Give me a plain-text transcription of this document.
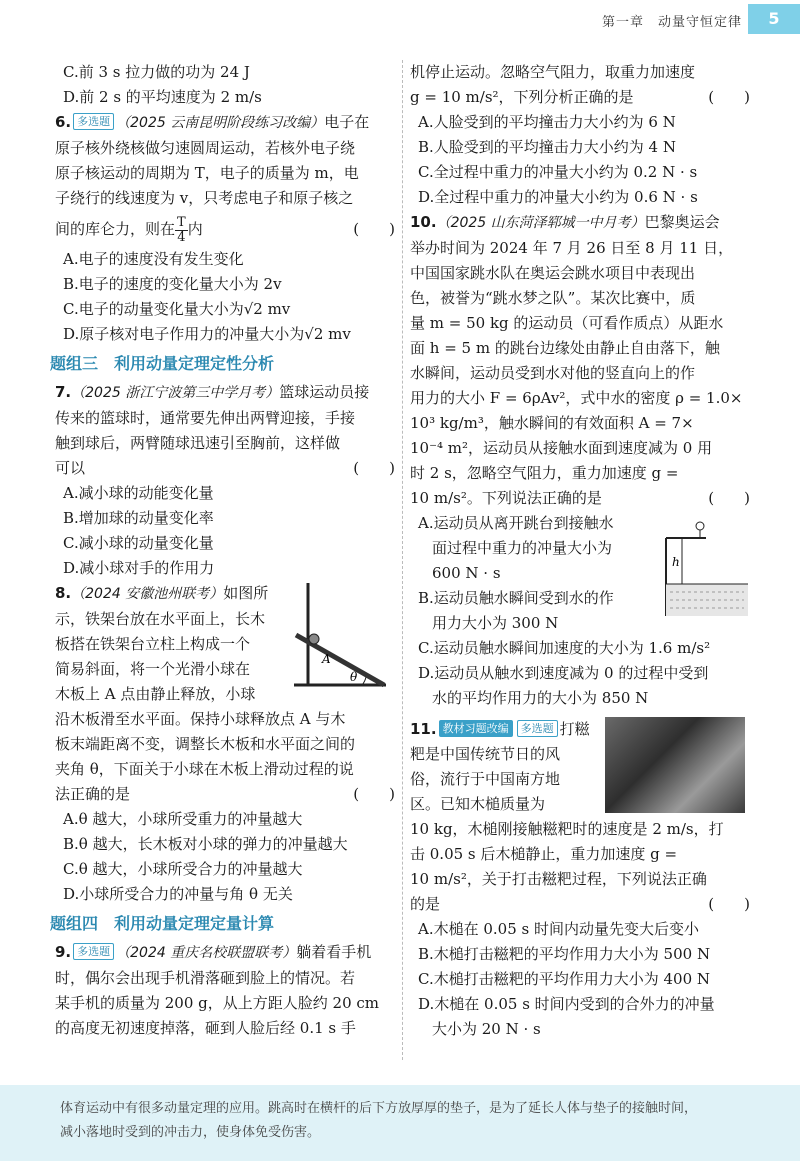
第一章　动量守恒定律	5
C.前 3 s 拉力做的功为 24 J
D.前 2 s 的平均速度为 2 m/s
6. 多选题 （2025 云南昆明阶段练习改编）电子在
原子核外绕核做匀速圆周运动，若核外电子绕
原子核运动的周期为 T，电子的质量为 m，电
子绕行的线速度为 v，只考虑电子和原子核之
间的库仑力，则在 $\frac{T}{4}$ 内	(　　)
A.电子的速度没有发生变化
B.电子的速度的变化量大小为 2v
C.电子的动量变化量大小为√2 mv
D.原子核对电子作用力的冲量大小为√2 mv
题组三　利用动量定理定性分析
7.（2025 浙江宁波第三中学月考）篮球运动员接
传来的篮球时，通常要先伸出两臂迎接，手接
触到球后，两臂随球迅速引至胸前，这样做
可以	(　　)
A.减小球的动能变化量
B.增加球的动量变化率
C.减小球的动量变化量
D.减小球对手的作用力
A
θ
8.（2024 安徽池州联考）如图所
示，铁架台放在水平面上，长木
板搭在铁架台立柱上构成一个
简易斜面，将一个光滑小球在
木板上 A 点由静止释放，小球
沿木板滑至水平面。保持小球释放点 A 与木
板末端距离不变，调整长木板和水平面之间的
夹角 θ，下面关于小球在木板上滑动过程的说
法正确的是	(　　)
A.θ 越大，小球所受重力的冲量越大
B.θ 越大，长木板对小球的弹力的冲量越大
C.θ 越大，小球所受合力的冲量越大
D.小球所受合力的冲量与角 θ 无关
题组四　利用动量定理定量计算
9. 多选题 （2024 重庆名校联盟联考）躺着看手机
时，偶尔会出现手机滑落砸到脸上的情况。若
某手机的质量为 200 g，从上方距人脸约 20 cm
的高度无初速度掉落，砸到人脸后经 0.1 s 手
机停止运动。忽略空气阻力，取重力加速度
g = 10 m/s²，下列分析正确的是	(　　)
A.人脸受到的平均撞击力大小约为 6 N
B.人脸受到的平均撞击力大小约为 4 N
C.全过程中重力的冲量大小约为 0.2 N · s
D.全过程中重力的冲量大小约为 0.6 N · s
10.（2025 山东菏泽郓城一中月考）巴黎奥运会
举办时间为 2024 年 7 月 26 日至 8 月 11 日，
中国国家跳水队在奥运会跳水项目中表现出
色，被誉为“跳水梦之队”。某次比赛中，质
量 m = 50 kg 的运动员（可看作质点）从距水
面 h = 5 m 的跳台边缘处由静止自由落下，触
水瞬间，运动员受到水对他的竖直向上的作
用力的大小 F = 6ρAv²，式中水的密度 ρ = 1.0×
10³ kg/m³，触水瞬间的有效面积 A = 7×
10⁻⁴ m²，运动员从接触水面到速度减为 0 用
时 2 s，忽略空气阻力，重力加速度 g =
10 m/s²。下列说法正确的是	(　　)
h
A.运动员从离开跳台到接触水
面过程中重力的冲量大小为
600 N · s
B.运动员触水瞬间受到水的作
用力大小为 300 N
C.运动员触水瞬间加速度的大小为 1.6 m/s²
D.运动员从触水到速度减为 0 的过程中受到
水的平均作用力的大小为 850 N
11. 教材习题改编 多选题 打糍
粑是中国传统节日的风
俗，流行于中国南方地
区。已知木槌质量为
10 kg，木槌刚接触糍粑时的速度是 2 m/s，打
击 0.05 s 后木槌静止，重力加速度 g =
10 m/s²，关于打击糍粑过程，下列说法正确
的是	(　　)
A.木槌在 0.05 s 时间内动量先变大后变小
B.木槌打击糍粑的平均作用力大小为 500 N
C.木槌打击糍粑的平均作用力大小为 400 N
D.木槌在 0.05 s 时间内受到的合外力的冲量
大小为 20 N · s
体育运动中有很多动量定理的应用。跳高时在横杆的后下方放厚厚的垫子，是为了延长人体与垫子的接触时间，
减小落地时受到的冲击力，使身体免受伤害。
